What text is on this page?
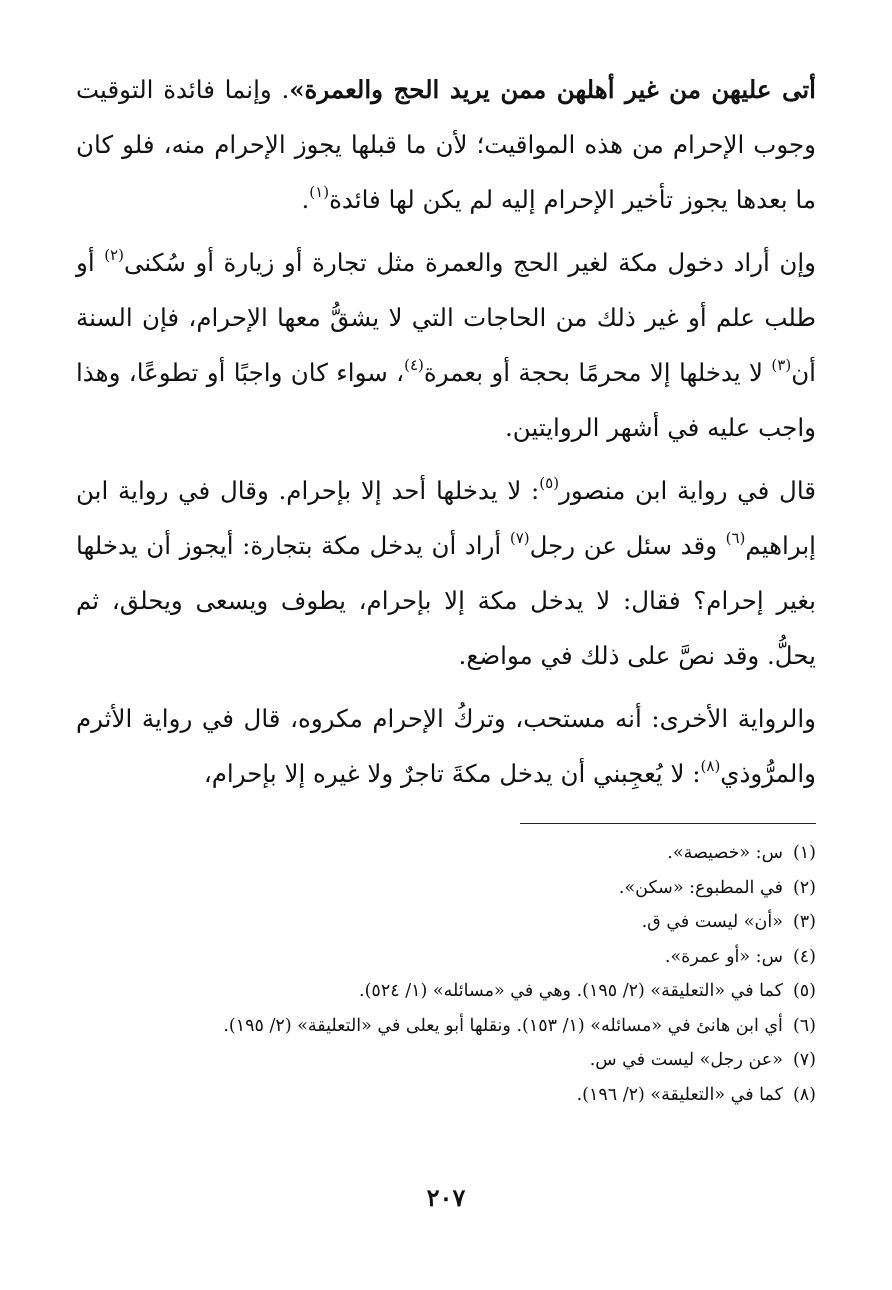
أتى عليهن من غير أهلهن ممن يريد الحج والعمرة». وإنما فائدة التوقيت وجوب الإحرام من هذه المواقيت؛ لأن ما قبلها يجوز الإحرام منه، فلو كان ما بعدها يجوز تأخير الإحرام إليه لم يكن لها فائدة$^{(١)}$.

وإن أراد دخول مكة لغير الحج والعمرة مثل تجارة أو زيارة أو سُكنى$^{(٢)}$ أو طلب علم أو غير ذلك من الحاجات التي لا يشقُّ معها الإحرام، فإن السنة أن$^{(٣)}$ لا يدخلها إلا محرمًا بحجة أو بعمرة$^{(٤)}$، سواء كان واجبًا أو تطوعًا، وهذا واجب عليه في أشهر الروايتين.

قال في رواية ابن منصور$^{(٥)}$: لا يدخلها أحد إلا بإحرام. وقال في رواية ابن إبراهيم$^{(٦)}$ وقد سئل عن رجل$^{(٧)}$ أراد أن يدخل مكة بتجارة: أيجوز أن يدخلها بغير إحرام؟ فقال: لا يدخل مكة إلا بإحرام، يطوف ويسعى ويحلق، ثم يحلُّ. وقد نصَّ على ذلك في مواضع.

والرواية الأخرى: أنه مستحب، وتركُ الإحرام مكروه، قال في رواية الأثرم والمرُّوذي$^{(٨)}$: لا يُعجِبني أن يدخل مكةَ تاجرٌ ولا غيره إلا بإحرام،

(١)س: «خصيصة».
(٢)في المطبوع: «سكن».
(٣)«أن» ليست في ق.
(٤)س: «أو عمرة».
(٥)كما في «التعليقة» (٢/ ١٩٥). وهي في «مسائله» (١/ ٥٢٤).
(٦)أي ابن هانئ في «مسائله» (١/ ١٥٣). ونقلها أبو يعلى في «التعليقة» (٢/ ١٩٥).
(٧)«عن رجل» ليست في س.
(٨)كما في «التعليقة» (٢/ ١٩٦).
٢٠٧
